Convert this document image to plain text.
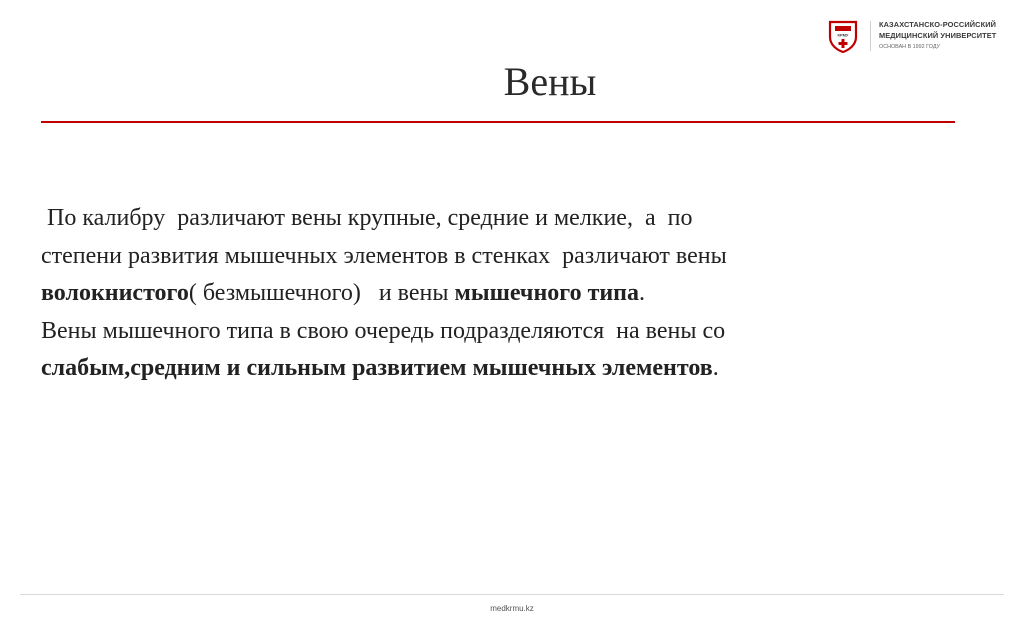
КРМУ
КАЗАХСТАНСКО-РОССИЙСКИЙ
МЕДИЦИНСКИЙ УНИВЕРСИТЕТ
ОСНОВАН В 1992 ГОДУ
Вены
По калибру  различают вены крупные, средние и мелкие,  а  по
степени развития мышечных элементов в стенках  различают вены
волокнистого( безмышечного)   и вены мышечного типа.
Вены мышечного типа в свою очередь подразделяются  на вены со
слабым,средним и сильным развитием мышечных элементов.
medkrmu.kz
